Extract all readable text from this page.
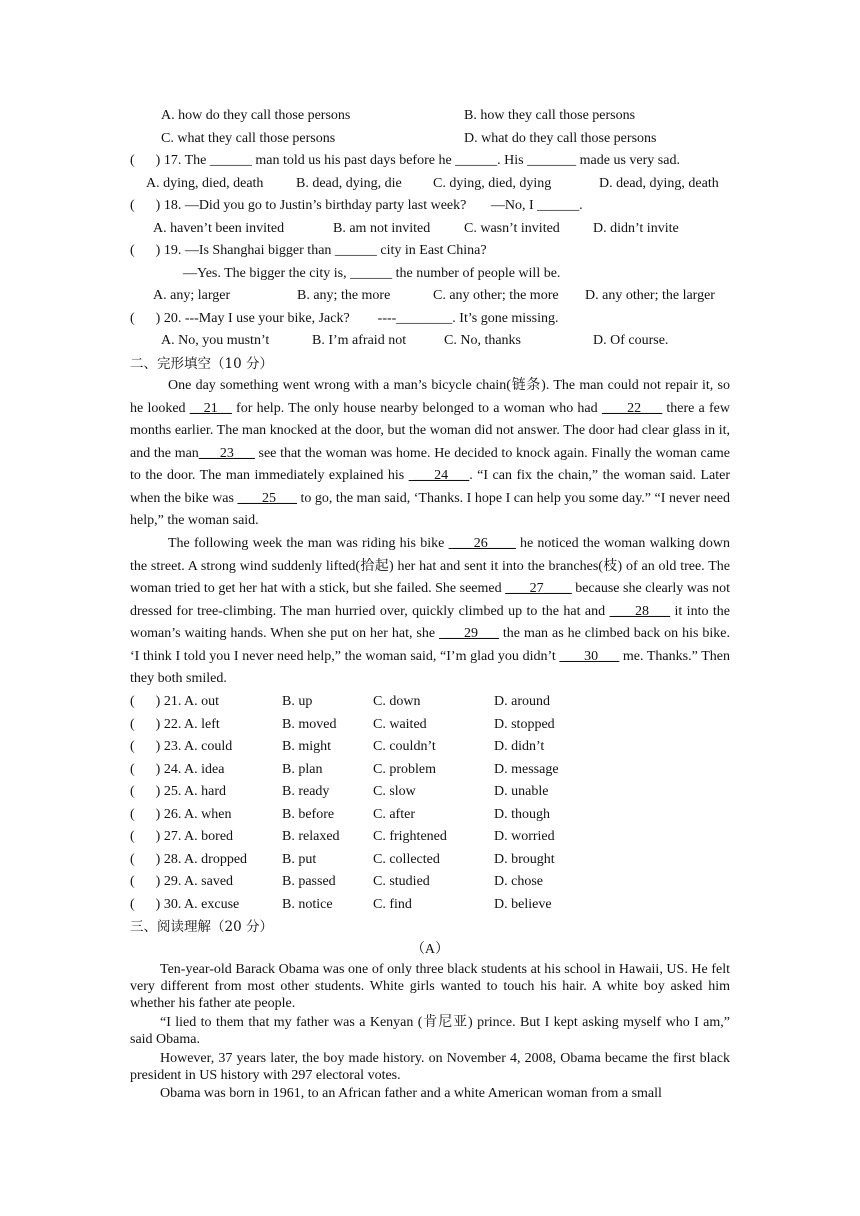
A. how do they call those persons	B. how they call those persons
C. what they call those persons	D. what do they call those persons
(      ) 17. The ______ man told us his past days before he ______. His _______ made us very sad.
A. dying, died, death B. dead, dying, die C. dying, died, dying	D. dead, dying, death
(      ) 18. —Did you go to Justin’s birthday party last week?       —No, I ______.
A. haven’t been invited	B. am not invited C. wasn’t invited D. didn’t invite
(      ) 19. —Is Shanghai bigger than ______ city in East China?
—Yes. The bigger the city is, ______ the number of people will be.
A. any; larger	B. any; the more	C. any other; the more D. any other; the larger
(      ) 20. ---May I use your bike, Jack?        ----________. It’s gone missing.
A. No, you mustn’t	B. I’m afraid not	C. No, thanks	D. Of course.
二、完形填空（10 分）
One day something went wrong with a man’s bicycle chain(链条). The man could not repair it, so he looked __21__ for help. The only house nearby belonged to a woman who had  ___22___ there a few months earlier. The man knocked at the door, but the woman did not answer. The door had clear glass in it, and the man___23___ see that the woman was home. He decided to knock again. Finally the woman came to the door. The man immediately explained his  ___24___. “I can fix the chain,” the woman said. Later when the bike was  ___25___ to go, the man said, ‘Thanks. I hope I can help you some day.” “I never need help,” the woman said.
The following week the man was riding his bike  ___26____ he noticed the woman walking down the street. A strong wind suddenly lifted(拾起) her hat and sent it into the branches(枝) of an old tree. The woman tried to get her hat with a stick, but she failed. She seemed  ___27____ because she clearly was not dressed for tree-climbing. The man hurried over, quickly climbed up to the hat and  ___28___ it into the woman’s waiting hands. When she put on her hat, she  ___29___ the man as he climbed back on his bike. ‘I think I told you I never need help,” the woman said, “I’m glad you didn’t  ___30___ me. Thanks.” Then they both smiled.
(      ) 21. A. out	B. up	C. down	D. around
(      ) 22. A. left	B. moved	C. waited	D. stopped
(      ) 23. A. could	B. might	C. couldn’t	D. didn’t
(      ) 24. A. idea	B. plan	C. problem	D. message
(      ) 25. A. hard	B. ready	C. slow	D. unable
(      ) 26. A. when	B. before	C. after	D. though
(      ) 27. A. bored	B. relaxed C. frightened	D. worried
(      ) 28. A. dropped B. put	C. collected	D. brought
(      ) 29. A. saved	B. passed	C. studied	D. chose
(      ) 30. A. excuse	B. notice	C. find	D. believe
三、阅读理解（20 分）
（A）
Ten-year-old Barack Obama was one of only three black students at his school in Hawaii, US. He felt very different from most other students. White girls wanted to touch his hair. A white boy asked him whether his father ate people.
“I lied to them that my father was a Kenyan (肯尼亚) prince. But I kept asking myself who I am,” said Obama.
However, 37 years later, the boy made history. on November 4, 2008, Obama became the first black president in US history with 297 electoral votes.
Obama was born in 1961, to an African father and a white American woman from a small
